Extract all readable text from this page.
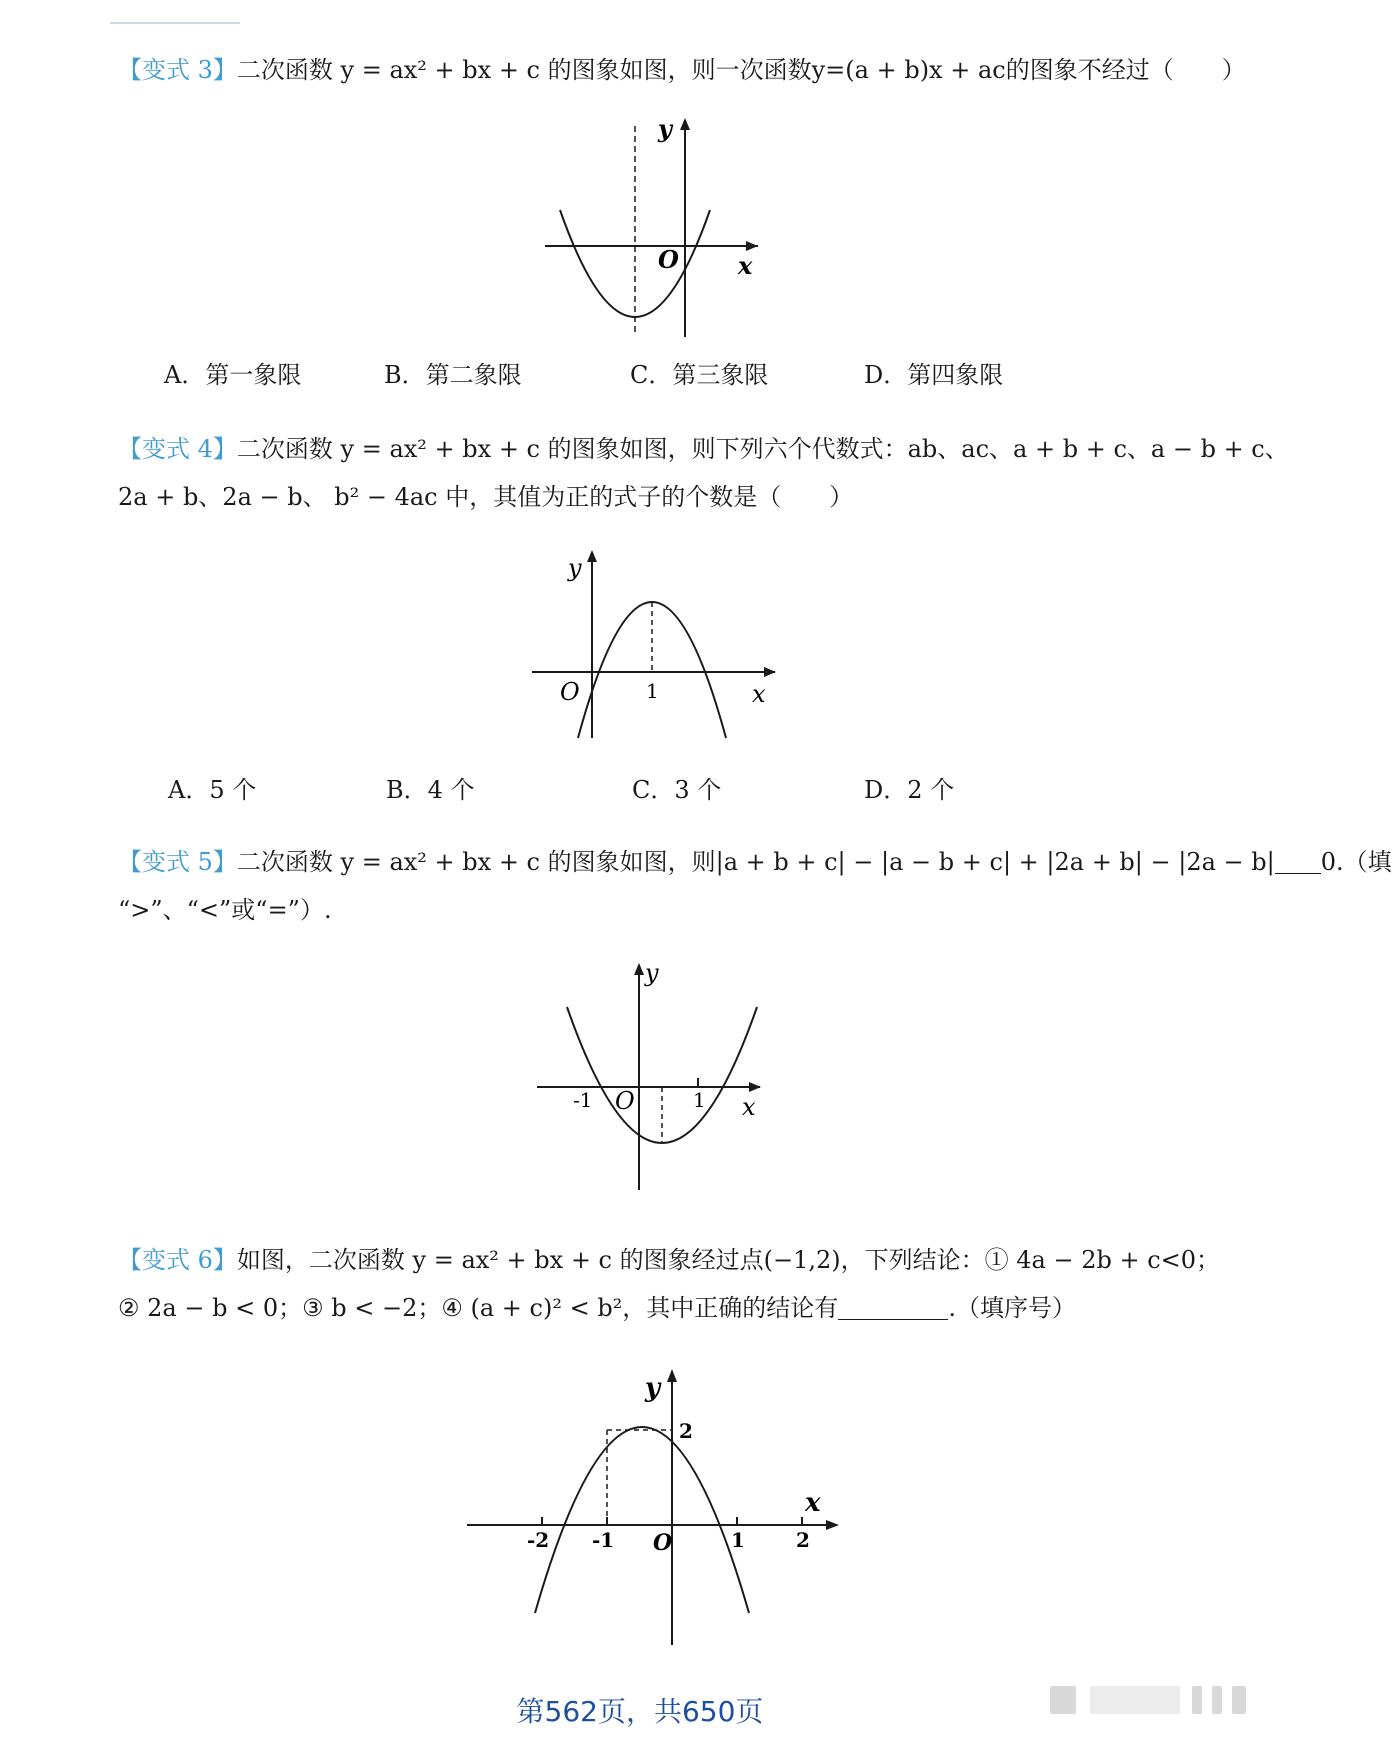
【变式 3】二次函数 y = ax² + bx + c 的图象如图，则一次函数y=(a + b)x + ac的图象不经过（　　）
y
x
O
A．第一象限	B．第二象限	C．第三象限	D．第四象限
【变式 4】二次函数 y = ax² + bx + c 的图象如图，则下列六个代数式：ab、ac、a + b + c、a − b + c、
2a + b、2a − b、 b² − 4ac 中，其值为正的式子的个数是（　　）
y
x
O	1
A．5 个	B．4 个	C．3 个	D．2 个
【变式 5】二次函数 y = ax² + bx + c 的图象如图，则|a + b + c| − |a − b + c| + |2a + b| − |2a − b| 0.（填
“>”、“<”或“=”）.
y
x
O
-1	1
【变式 6】如图，二次函数 y = ax² + bx + c 的图象经过点(−1,2)，下列结论：① 4a − 2b + c<0；
② 2a − b < 0；③ b < −2；④ (a + c)² < b²，其中正确的结论有	.（填序号）
y
x
O
2
-2 -1	1	2
第562页，共650页
